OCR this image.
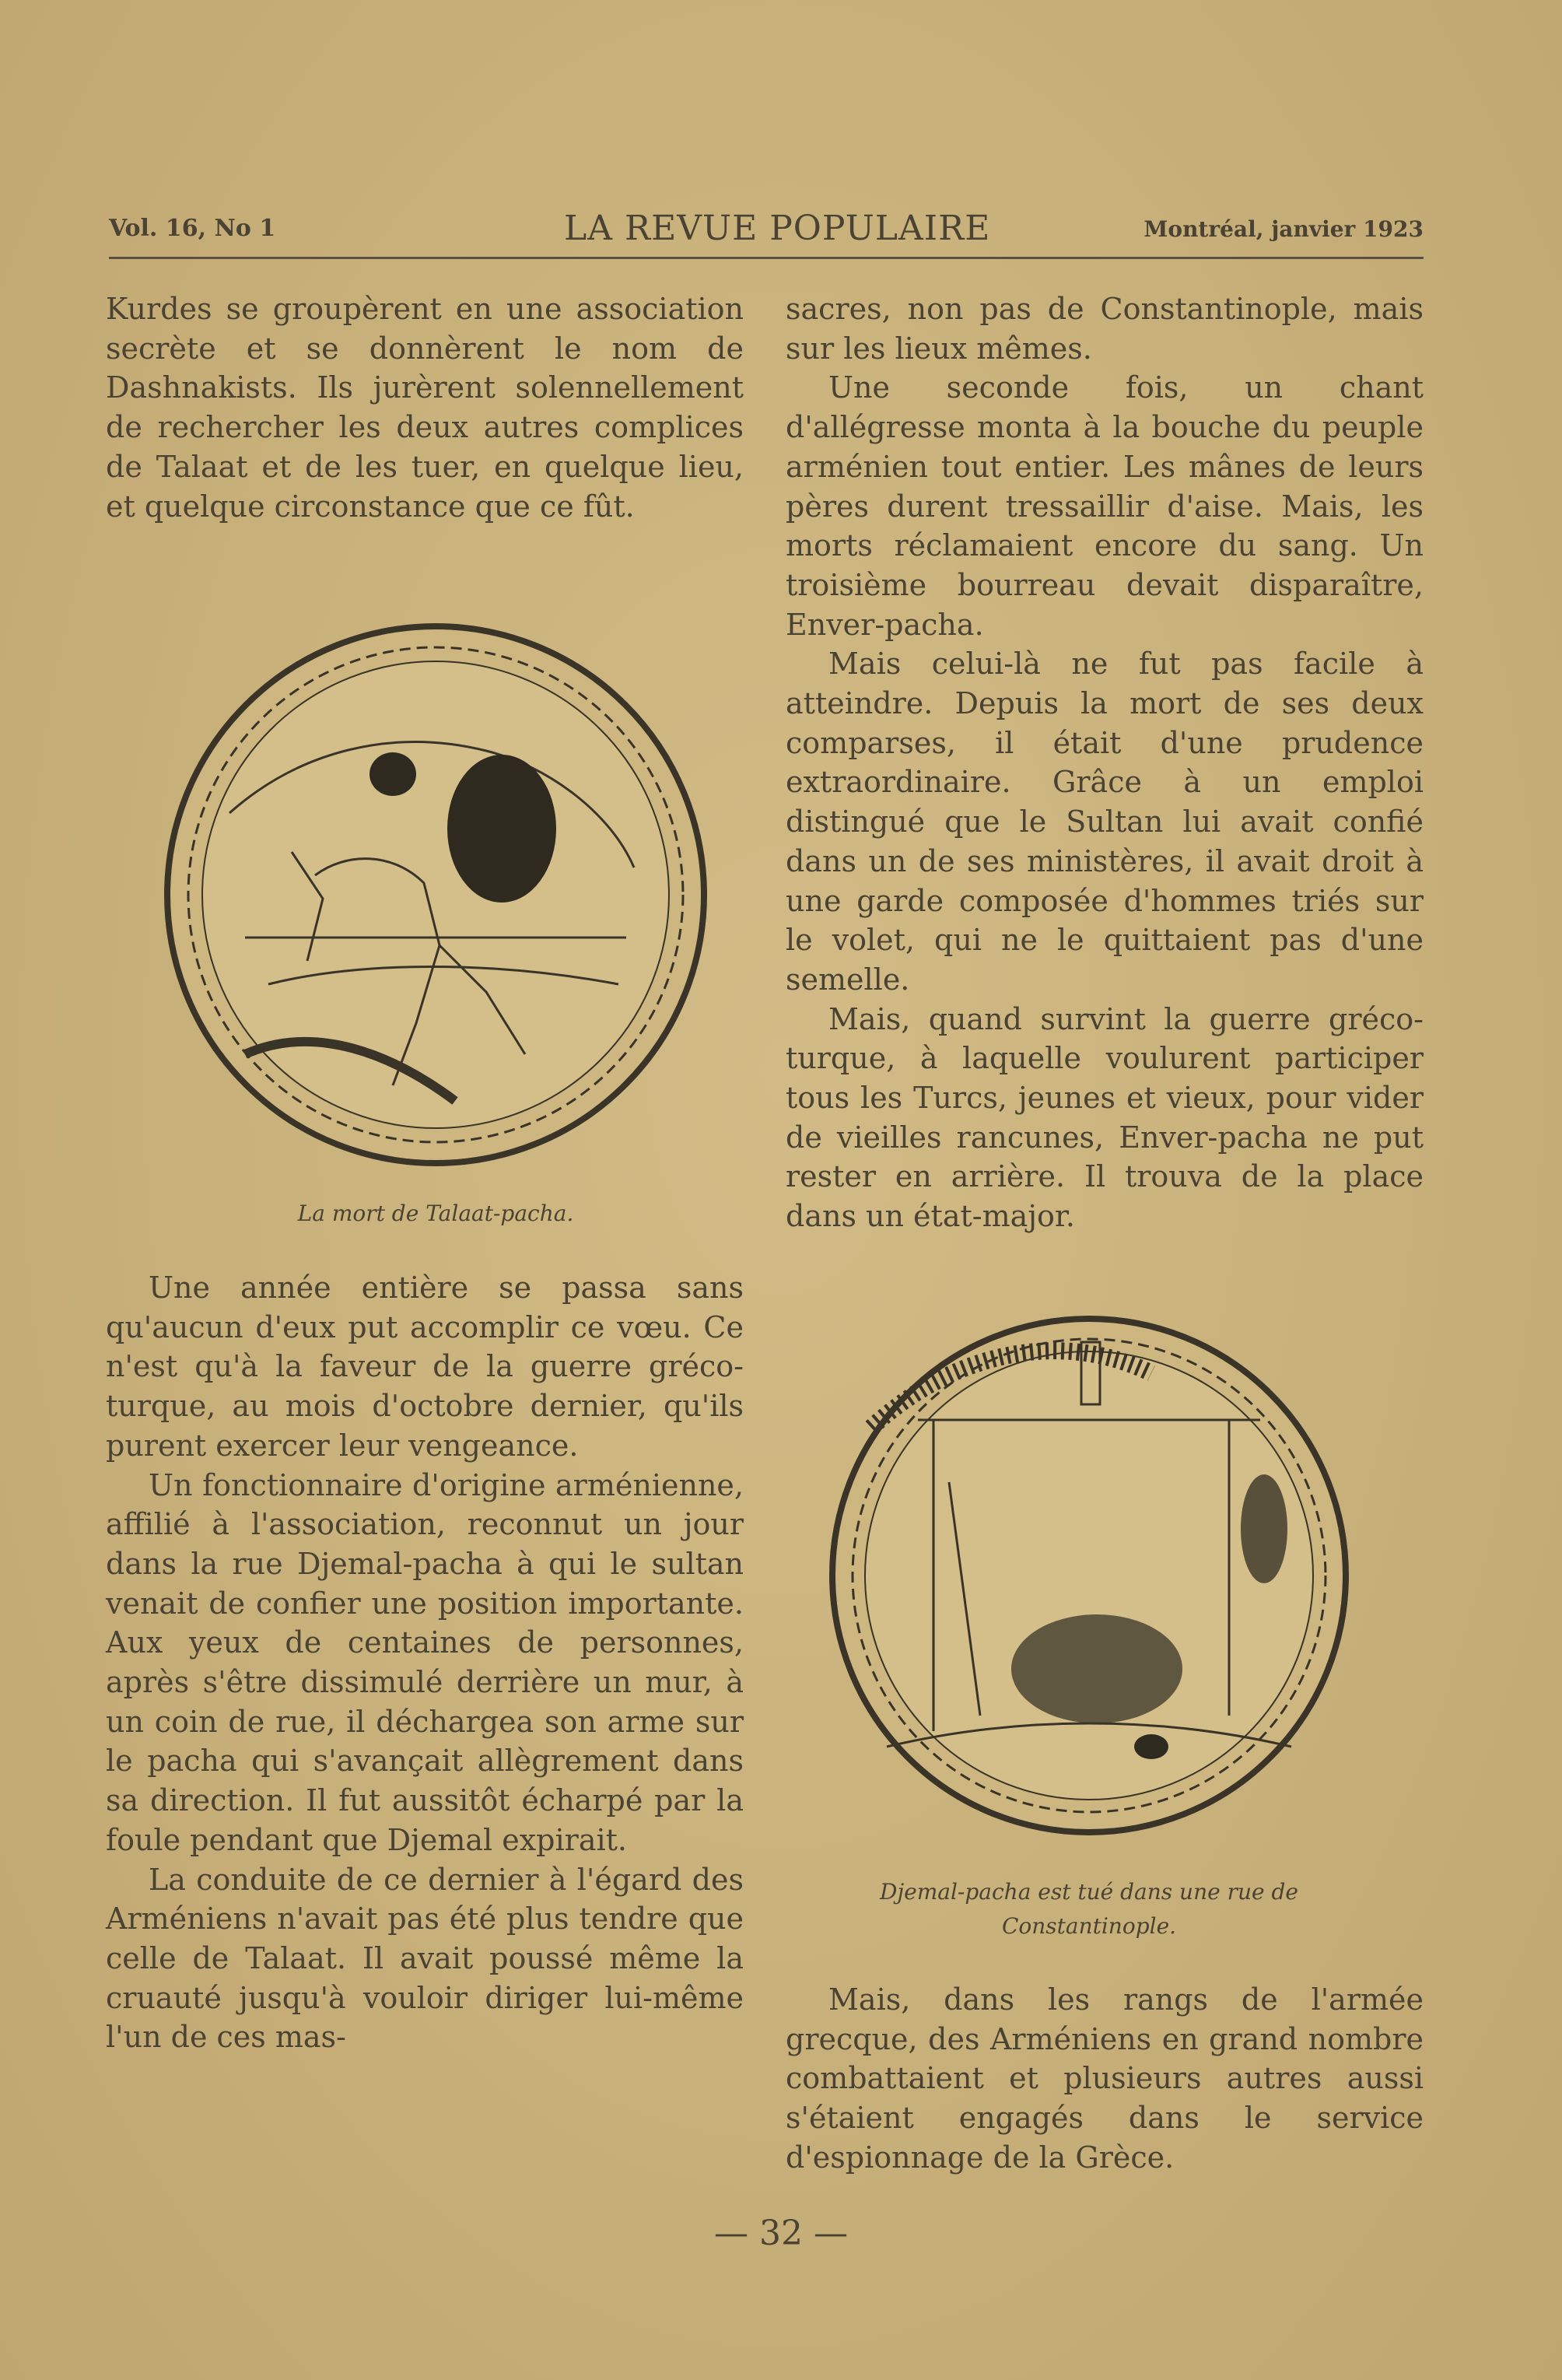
Vol. 16, No 1	LA REVUE POPULAIRE	Montréal, janvier 1923

Kurdes se groupèrent en une association secrète et se donnèrent le nom de Dashnakists. Ils jurèrent solennellement de rechercher les deux autres complices de Talaat et de les tuer, en quelque lieu, et quelque circonstance que ce fût.

La mort de Talaat-pacha.

Une année entière se passa sans qu'aucun d'eux put accomplir ce vœu. Ce n'est qu'à la faveur de la guerre gréco-turque, au mois d'octobre dernier, qu'ils purent exercer leur vengeance.

Un fonctionnaire d'origine arménienne, affilié à l'association, reconnut un jour dans la rue Djemal-pacha à qui le sultan venait de confier une position importante. Aux yeux de centaines de personnes, après s'être dissimulé derrière un mur, à un coin de rue, il déchargea son arme sur le pacha qui s'avançait allègrement dans sa direction. Il fut aussitôt écharpé par la foule pendant que Djemal expirait.

La conduite de ce dernier à l'égard des Arméniens n'avait pas été plus tendre que celle de Talaat. Il avait poussé même la cruauté jusqu'à vouloir diriger lui-même l'un de ces mas-

sacres, non pas de Constantinople, mais sur les lieux mêmes.

Une seconde fois, un chant d'allégresse monta à la bouche du peuple arménien tout entier. Les mânes de leurs pères durent tressaillir d'aise. Mais, les morts réclamaient encore du sang. Un troisième bourreau devait disparaître, Enver-pacha.

Mais celui-là ne fut pas facile à atteindre. Depuis la mort de ses deux comparses, il était d'une prudence extraordinaire. Grâce à un emploi distingué que le Sultan lui avait confié dans un de ses ministères, il avait droit à une garde composée d'hommes triés sur le volet, qui ne le quittaient pas d'une semelle.

Mais, quand survint la guerre gréco-turque, à laquelle voulurent participer tous les Turcs, jeunes et vieux, pour vider de vieilles rancunes, Enver-pacha ne put rester en arrière. Il trouva de la place dans un état-major.

Djemal-pacha est tué dans une rue de Constantinople.

Mais, dans les rangs de l'armée grecque, des Arméniens en grand nombre combattaient et plusieurs autres aussi s'étaient engagés dans le service d'espionnage de la Grèce.

— 32 —
